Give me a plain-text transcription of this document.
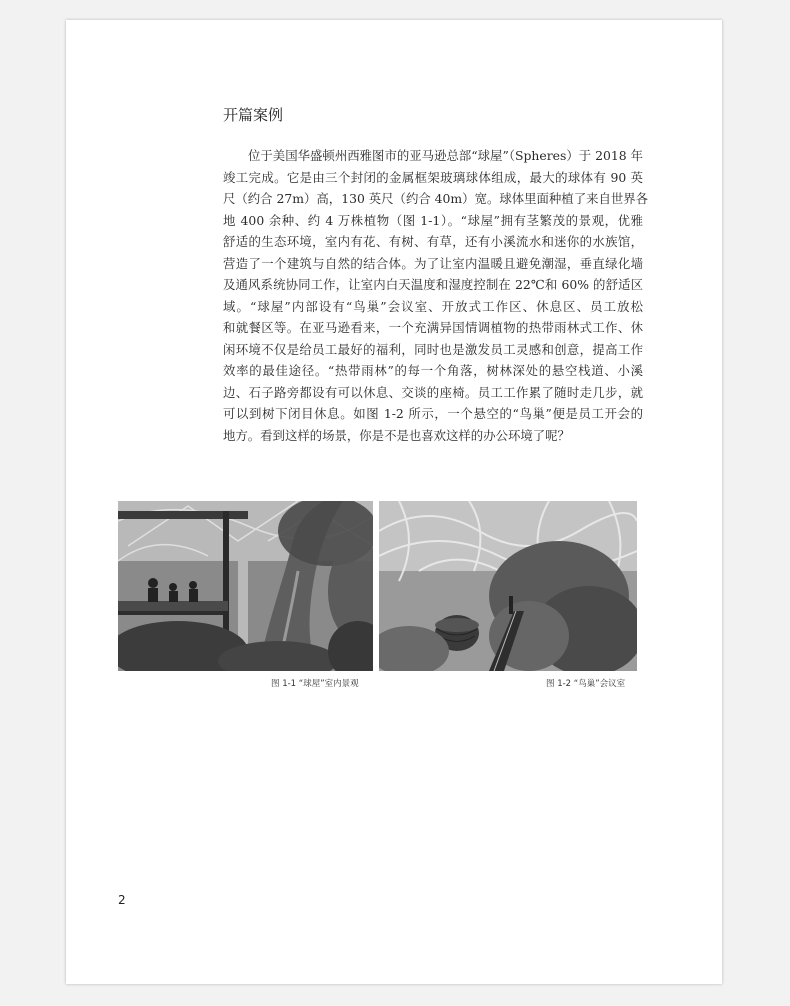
开篇案例
位于美国华盛顿州西雅图市的亚马逊总部“球屋”（Spheres）于 2018 年
竣工完成。它是由三个封闭的金属框架玻璃球体组成，最大的球体有 90 英
尺（约合 27m）高，130 英尺（约合 40m）宽。球体里面种植了来自世界各
地 400 余种、约 4 万株植物（图 1-1）。“球屋”拥有茎繁茂的景观，优雅
舒适的生态环境，室内有花、有树、有草，还有小溪流水和迷你的水族馆，
营造了一个建筑与自然的结合体。为了让室内温暖且避免潮湿，垂直绿化墙
及通风系统协同工作，让室内白天温度和湿度控制在 22℃和 60% 的舒适区
域。“球屋”内部设有“鸟巢”会议室、开放式工作区、休息区、员工放松
和就餐区等。在亚马逊看来，一个充满异国情调植物的热带雨林式工作、休
闲环境不仅是给员工最好的福利，同时也是激发员工灵感和创意，提高工作
效率的最佳途径。“热带雨林”的每一个角落，树林深处的悬空栈道、小溪
边、石子路旁都设有可以休息、交谈的座椅。员工工作累了随时走几步，就
可以到树下闭目休息。如图 1-2 所示，一个悬空的“鸟巢”便是员工开会的
地方。看到这样的场景，你是不是也喜欢这样的办公环境了呢？
图 1-1 “球屋”室内景观	图 1-2 “鸟巢”会议室
2
